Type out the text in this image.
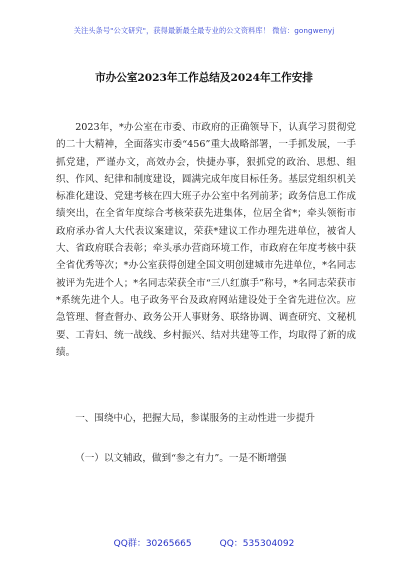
关注头条号"公文研究"，获得最新最全最专业的公文资料库！ 微信：gongwenyj
市办公室2023年工作总结及2024年工作安排

2023年，*办公室在市委、市政府的正确领导下，认真学习贯彻党的二十大精神，全面落实市委“456”重大战略部署，一手抓发展，一手抓党建，严谨办文，高效办会，快捷办事，狠抓党的政治、思想、组织、作风、纪律和制度建设，圆满完成年度目标任务。基层党组织机关标准化建设、党建考核在四大班子办公室中名列前茅；政务信息工作成绩突出，在全省年度综合考核荣获先进集体，位居全省*；牵头领衔市政府承办省人大代表议案建议，荣获*建议工作办理先进单位，被省人大、省政府联合表彰；牵头承办营商环境工作，市政府在年度考核中获全省优秀等次；*办公室获得创建全国文明创建城市先进单位，*名同志被评为先进个人；*名同志荣获全市“三八红旗手”称号，*名同志荣获市*系统先进个人。电子政务平台及政府网站建设处于全省先进位次。应急管理、督查督办、政务公开人事财务、联络协调、调查研究、文秘机要、工青妇、统一战线、乡村振兴、结对共建等工作，均取得了新的成绩。

一、围绕中心，把握大局，参谋服务的主动性进一步提升

（一）以文辅政，做到“参之有力”。一是不断增强

QQ群：30265665	QQ：535304092
